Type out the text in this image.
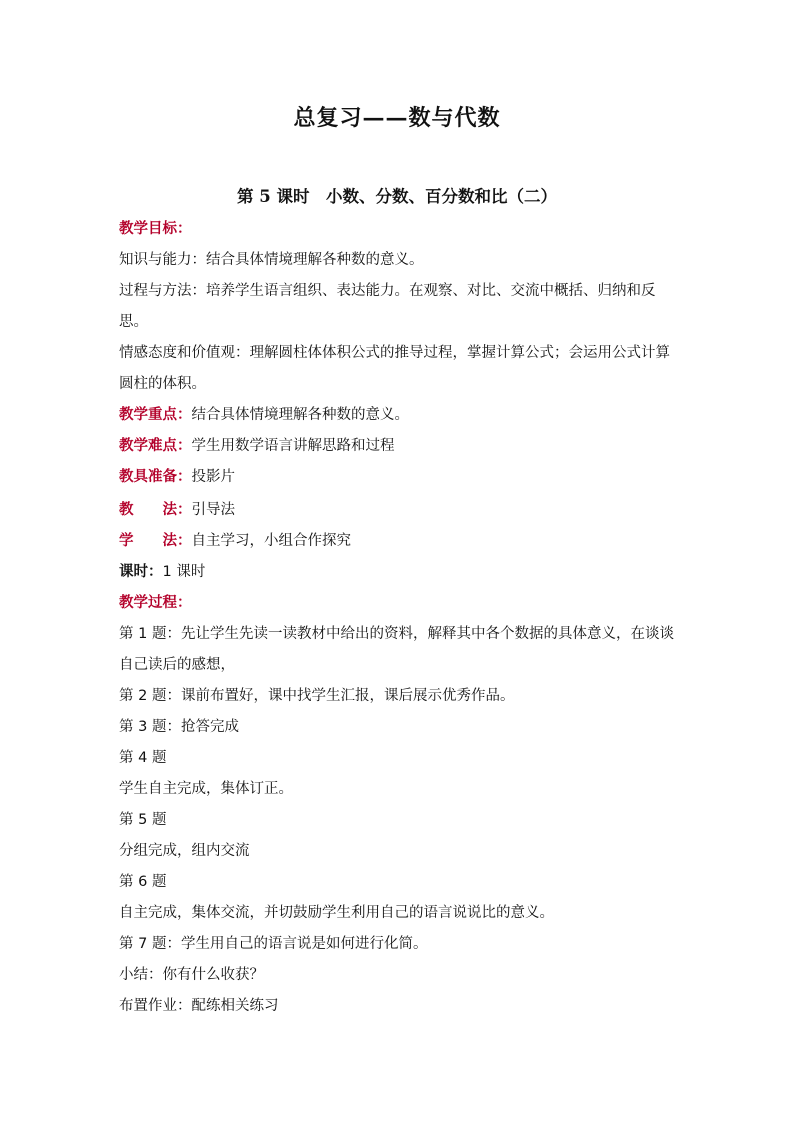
总复习——数与代数
第 5 课时　小数、分数、百分数和比（二）

教学目标：

知识与能力：结合具体情境理解各种数的意义。

过程与方法：培养学生语言组织、表达能力。在观察、对比、交流中概括、归纳和反思。

情感态度和价值观：理解圆柱体体积公式的推导过程，掌握计算公式；会运用公式计算圆柱的体积。

教学重点：结合具体情境理解各种数的意义。

教学难点：学生用数学语言讲解思路和过程

教具准备：投影片

教　　法：引导法

学　　法：自主学习，小组合作探究

课时：1 课时

教学过程：

第 1 题：先让学生先读一读教材中给出的资料，解释其中各个数据的具体意义，在谈谈自己读后的感想，

第 2 题：课前布置好，课中找学生汇报，课后展示优秀作品。

第 3 题：抢答完成

第 4 题

学生自主完成，集体订正。

第 5 题

分组完成，组内交流

第 6 题

自主完成，集体交流，并切鼓励学生利用自己的语言说说比的意义。

第 7 题：学生用自己的语言说是如何进行化简。

小结：你有什么收获？

布置作业：配练相关练习
